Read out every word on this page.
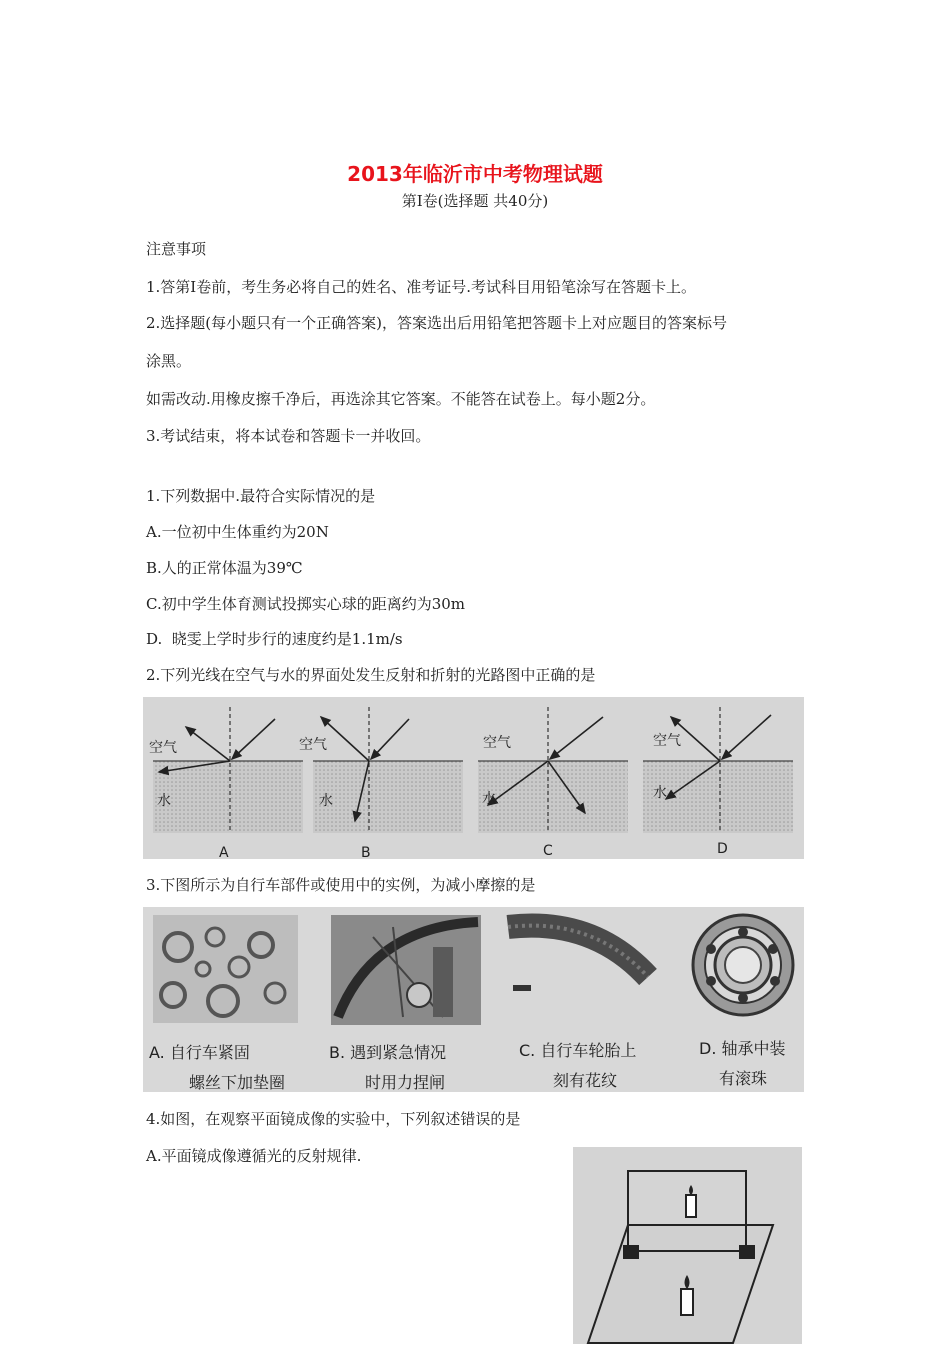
2013年临沂市中考物理试题
第Ⅰ卷(选择题 共40分)
注意事项
1.答第Ⅰ卷前，考生务必将自己的姓名、准考证号.考试科目用铅笔涂写在答题卡上。
2.选择题(每小题只有一个正确答案)，答案选出后用铅笔把答题卡上对应题目的答案标号
涂黑。
如需改动.用橡皮擦千净后，再选涂其它答案。不能答在试卷上。每小题2分。
3.考试结束，将本试卷和答题卡一并收回。
1.下列数据中.最符合实际情况的是
A.一位初中生体重约为20N
B.人的正常体温为39℃
C.初中学生体育测试投掷实心球的距离约为30m
D.  晓雯上学时步行的速度约是1.1m/s
2.下列光线在空气与水的界面处发生反射和折射的光路图中正确的是
空气	空气	空气	空气
水	水	水	水
A	B	C	D
3.下图所示为自行车部件或使用中的实例，为减小摩擦的是
A. 自行车紧固
螺丝下加垫圈
B. 遇到紧急情况
时用力捏闸
C. 自行车轮胎上
刻有花纹
D. 轴承中装
有滚珠
4.如图，在观察平面镜成像的实验中，下列叙述错误的是
A.平面镜成像遵循光的反射规律.
